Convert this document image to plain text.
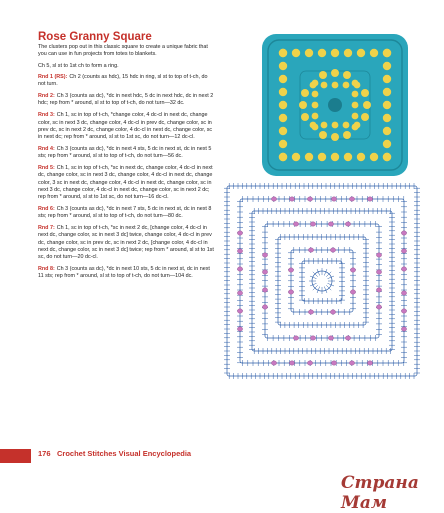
Rose Granny Square
The clusters pop out in this classic square to create a unique fabric that you can use in fun projects from totes to blankets.
Ch 5, sl st to 1st ch to form a ring.
Rnd 1 (RS): Ch 2 (counts as hdc), 15 hdc in ring, sl st to top of t-ch, do not turn.
Rnd 2: Ch 3 (counts as dc), *dc in next hdc, 5 dc in next hdc, dc in next 2 hdc; rep from * around, sl st to top of t-ch, do not turn—32 dc.
Rnd 3: Ch 1, sc in top of t-ch, *change color, 4 dc-cl in next dc, change color, sc in next 3 dc, change color, 4 dc-cl in prev dc, change color, sc in prev dc, sc in next 2 dc, change color, 4 dc-cl in next dc, change color, sc in next dc; rep from * around, sl st to 1st sc, do not turn—12 dc-cl.
Rnd 4: Ch 3 (counts as dc), *dc in next 4 sts, 5 dc in next st, dc in next 5 sts; rep from * around, sl st to top of t-ch, do not turn—56 dc.
Rnd 5: Ch 1, sc in top of t-ch, *sc in next dc, change color, 4 dc-cl in next dc, change color, sc in next 3 dc, change color, 4 dc-cl in next dc, change color, 3 sc in next dc, change color, 4 dc-cl in next dc, change color, sc in next 3 dc, change color, 4 dc-cl in next dc, change color, sc in next 2 dc; rep from * around, sl st to 1st sc, do not turn—16 dc-cl.
Rnd 6: Ch 3 (counts as dc), *dc in next 7 sts, 5 dc in next st, dc in next 8 sts; rep from * around, sl st to top of t-ch, do not turn—80 dc.
Rnd 7: Ch 1, sc in top of t-ch, *sc in next 2 dc, [change color, 4 dc-cl in next dc, change color, sc in next 3 dc] twice, change color, 4 dc-cl in prev dc, change color, sc in prev dc, sc in next 2 dc, [change color, 4 dc-cl in next dc, change color, sc in next 3 dc] twice; rep from * around, sl st to 1st sc, do not turn—20 dc-cl.
Rnd 8: Ch 3 (counts as dc), *dc in next 10 sts, 5 dc in next st, dc in next 11 sts; rep from * around, sl st to top of t-ch, do not turn—104 dc.
176 Crochet Stitches Visual Encyclopedia
Страна Мам
